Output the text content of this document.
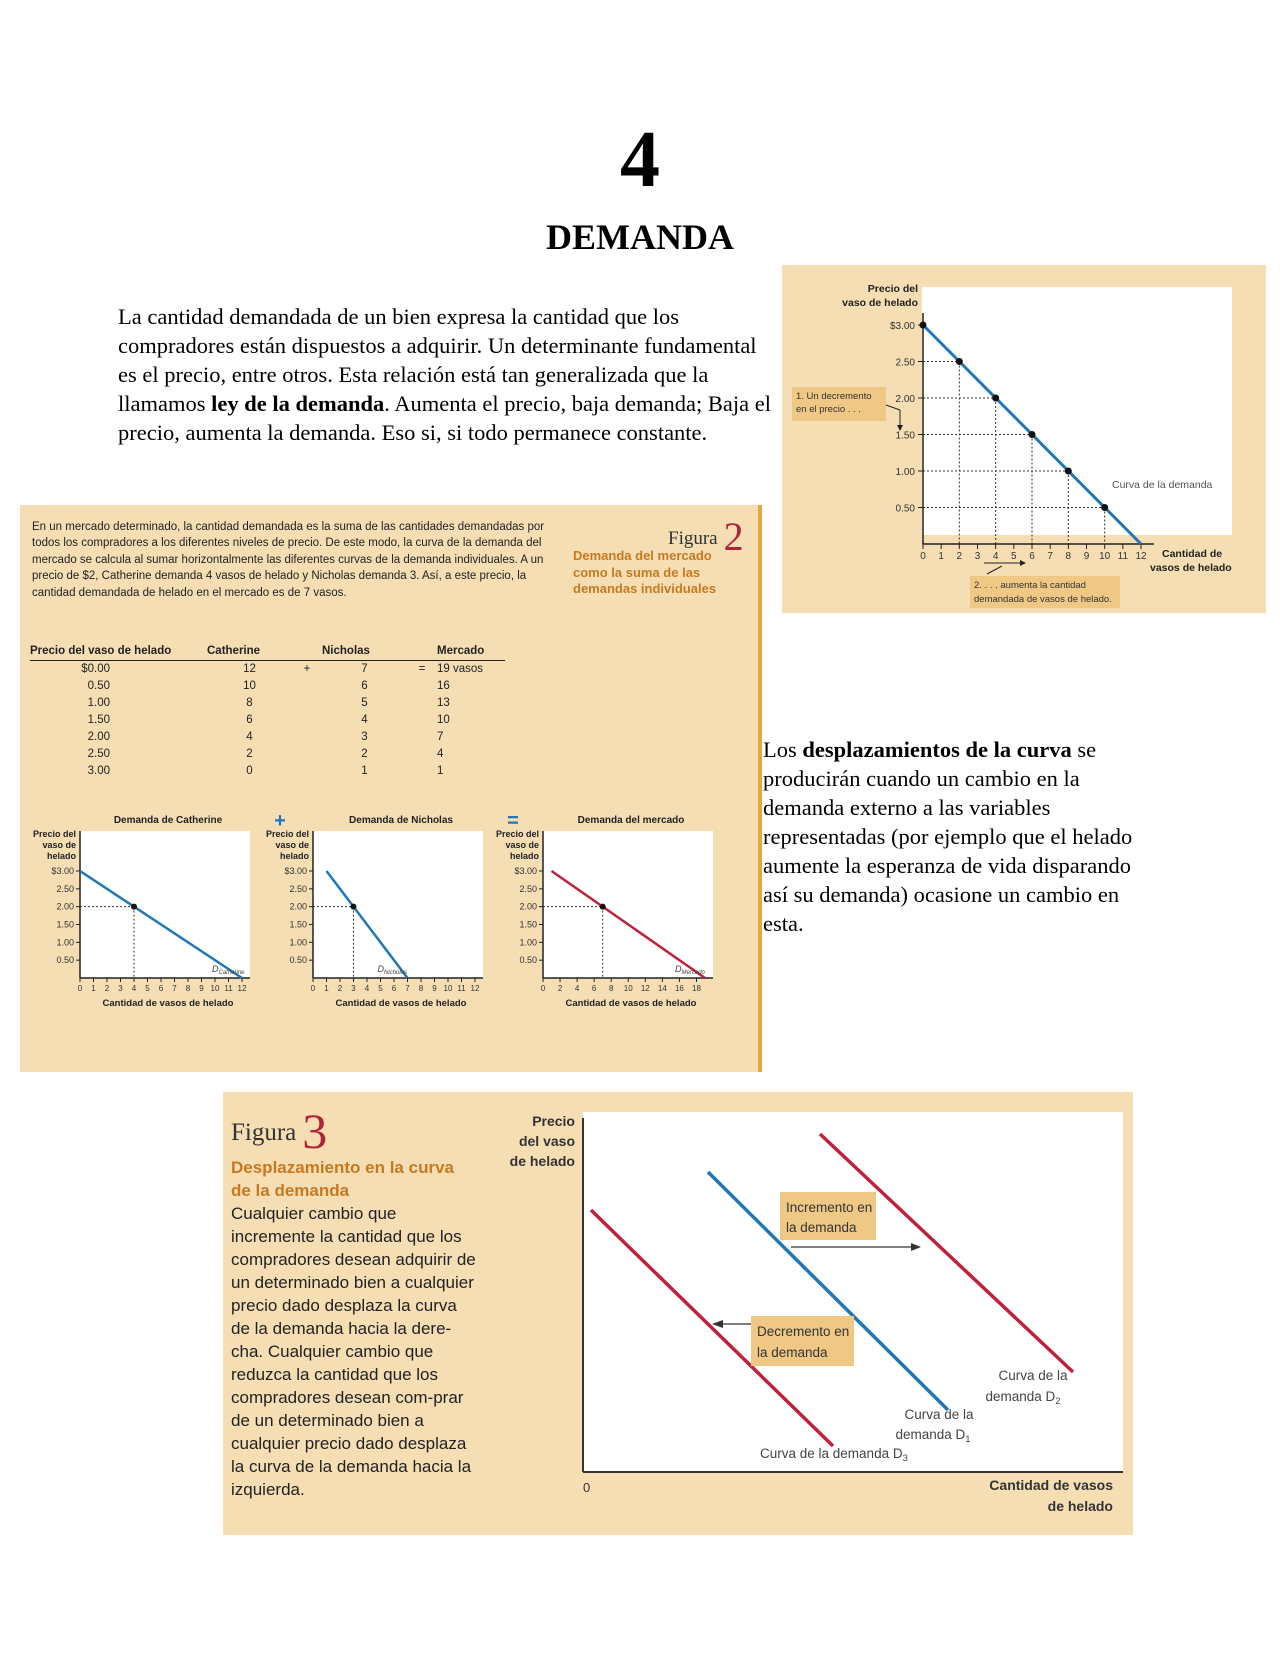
4
DEMANDA
La cantidad demandada de un bien expresa la cantidad que los compradores están dispuestos a adquirir. Un determinante fundamental es el precio, entre otros. Esta relación está tan generalizada que la llamamos ley de la demanda. Aumenta el precio, baja demanda; Baja el precio, aumenta la demanda. Eso si, si todo permanece constante.
Precio del
vaso de helado
$3.00
2.50
2.00
1.50
1.00
0.50
0 1 2 3 4 5 6 7 8 9 10 11 12
Curva de la demanda
Cantidad de
vasos de helado
1. Un decremento
en el precio . . .
2. . . . aumenta la cantidad
demandada de vasos de helado.
En un mercado determinado, la cantidad demandada es la suma de las cantidades demandadas por todos los compradores a los diferentes niveles de precio. De este modo, la curva de la demanda del mercado se calcula al sumar horizontalmente las diferentes curvas de la demanda individuales. A un precio de $2, Catherine demanda 4 vasos de helado y Nicholas demanda 3. Así, a este precio, la cantidad demandada de helado en el mercado es de 7 vasos.
Figura 2
Demanda del mercado como la suma de las demandas individuales
Precio del vaso de helado	Catherine		Nicholas		Mercado
$0.00	12	+	7	=	19 vasos
0.50	10		6		16
1.00	8		5		13
1.50	6		4		10
2.00	4		3		7
2.50	2		2		4
3.00	0		1		1
Demanda de Catherine
Precio del
vaso de
helado
$3.00
2.50
2.00
1.50
1.00
0.50
0 1 2 3 4 5 6 7 8 9 10 11 12
$D_{Catherine}$
Cantidad de vasos de helado
Demanda de Nicholas
Precio del
vaso de
helado
$3.00
2.50
2.00
1.50
1.00
0.50
0 1 2 3 4 5 6 7 8 9 10 11 12
$D_{Nicholas}$
Cantidad de vasos de helado
Demanda del mercado
Precio del
vaso de
helado
$3.00
2.50
2.00
1.50
1.00
0.50
0 2 4 6 8 10 12 14 16 18
$D_{Mercado}$
Cantidad de vasos de helado
+	=
Los desplazamientos de la curva se producirán cuando un cambio en la demanda externo a las variables representadas (por ejemplo que el helado aumente la esperanza de vida disparando así su demanda) ocasione un cambio en esta.
Figura 3
Desplazamiento en la curva de la demanda
Cualquier cambio que incremente la cantidad que los compradores desean adquirir de un determinado bien a cualquier precio dado desplaza la curva de la demanda hacia la dere-cha. Cualquier cambio que reduzca la cantidad que los compradores desean com-prar de un determinado bien a cualquier precio dado desplaza la curva de la demanda hacia la izquierda.
Precio
del vaso
de helado
0	Cantidad de vasos
de helado
Incremento en
la demanda
Decremento en
la demanda
Curva de la
demanda $D_2$
Curva de la
demanda $D_1$
Curva de la demanda $D_3$
